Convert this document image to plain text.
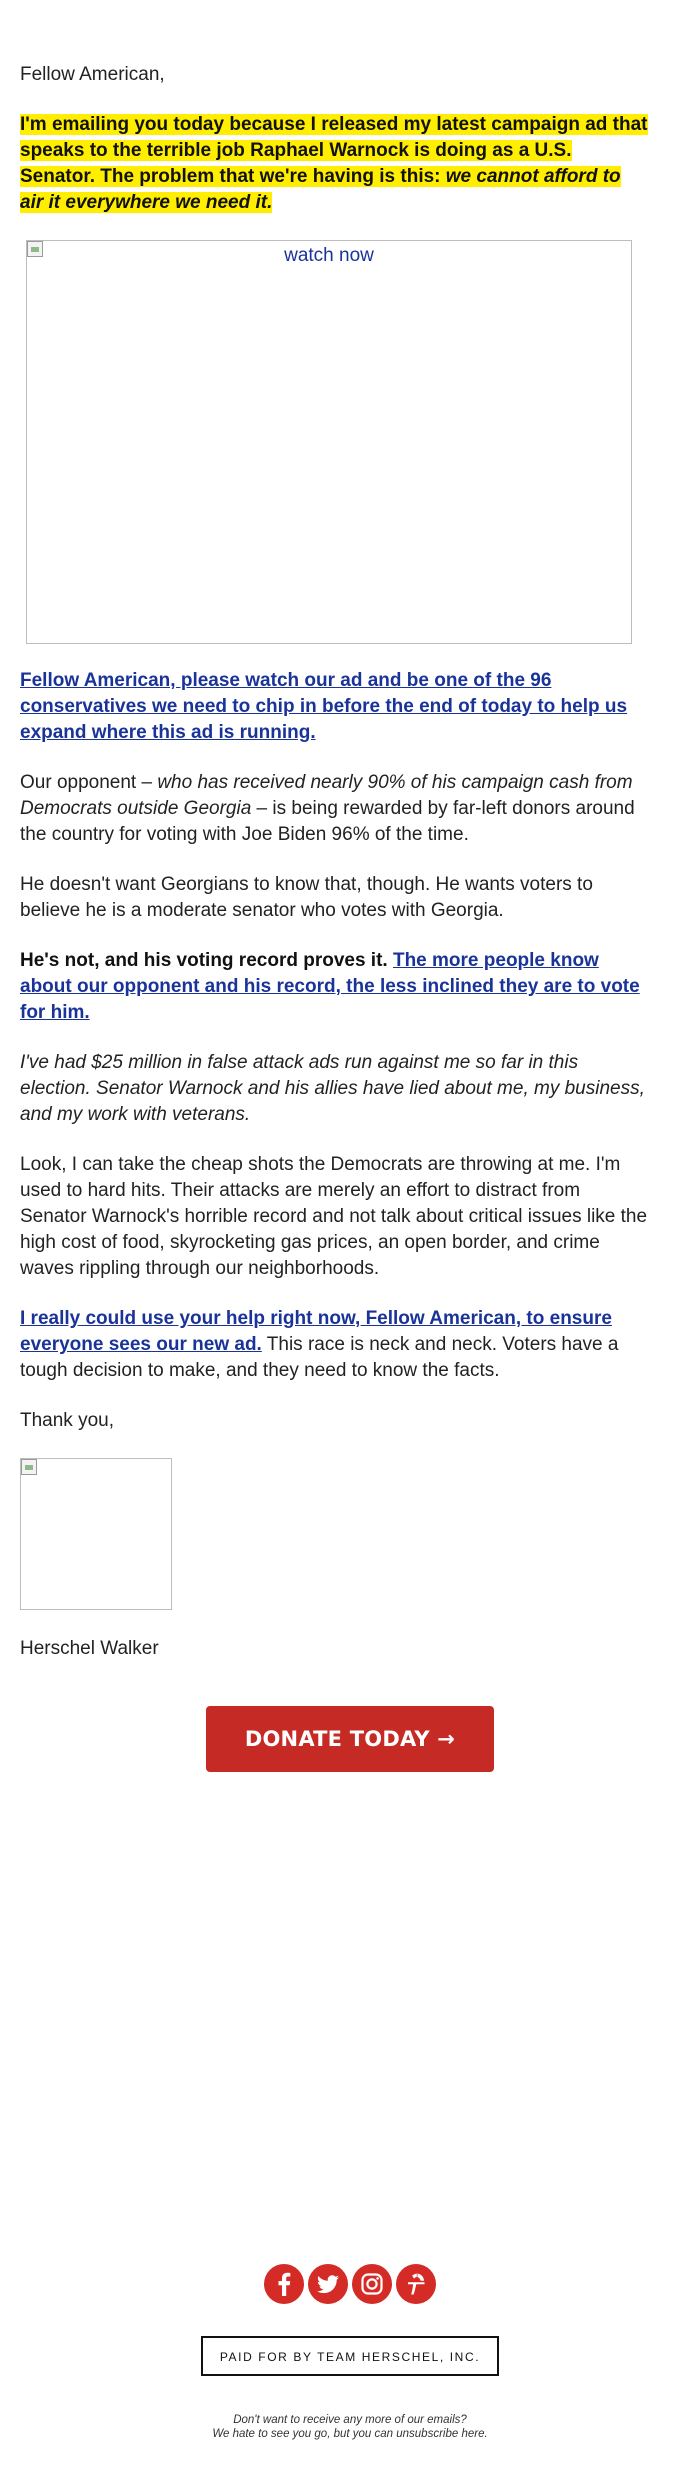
Fellow American,

I'm emailing you today because I released my latest campaign ad that speaks to the terrible job Raphael Warnock is doing as a U.S. Senator. The problem that we're having is this: we cannot afford to air it everywhere we need it.

watch now

Fellow American, please watch our ad and be one of the 96 conservatives we need to chip in before the end of today to help us expand where this ad is running.

Our opponent – who has received nearly 90% of his campaign cash from Democrats outside Georgia – is being rewarded by far-left donors around the country for voting with Joe Biden 96% of the time.

He doesn't want Georgians to know that, though. He wants voters to believe he is a moderate senator who votes with Georgia.

He's not, and his voting record proves it. The more people know about our opponent and his record, the less inclined they are to vote for him.

I've had $25 million in false attack ads run against me so far in this election. Senator Warnock and his allies have lied about me, my business, and my work with veterans.

Look, I can take the cheap shots the Democrats are throwing at me. I'm used to hard hits. Their attacks are merely an effort to distract from Senator Warnock's horrible record and not talk about critical issues like the high cost of food, skyrocketing gas prices, an open border, and crime waves rippling through our neighborhoods.

I really could use your help right now, Fellow American, to ensure everyone sees our new ad. This race is neck and neck. Voters have a tough decision to make, and they need to know the facts.

Thank you,

Herschel Walker

DONATE TODAY →

PAID FOR BY TEAM HERSCHEL, INC.
Don't want to receive any more of our emails?
We hate to see you go, but you can unsubscribe here.
